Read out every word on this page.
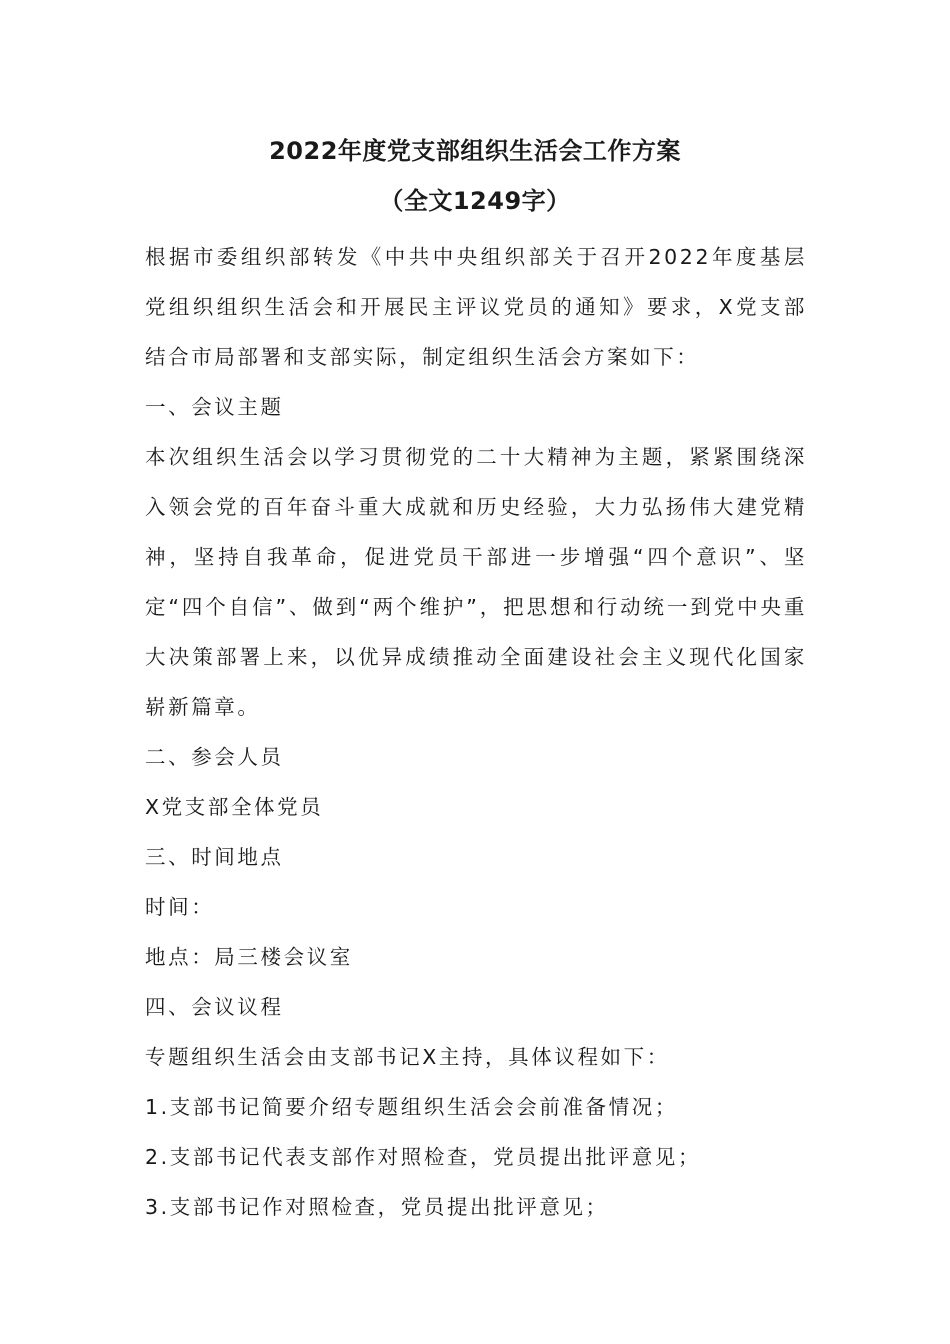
2022年度党支部组织生活会工作方案
（全文1249字）

根据市委组织部转发《中共中央组织部关于召开2022年度基层党组织组织生活会和开展民主评议党员的通知》要求，X党支部结合市局部署和支部实际，制定组织生活会方案如下：

一、会议主题

本次组织生活会以学习贯彻党的二十大精神为主题，紧紧围绕深入领会党的百年奋斗重大成就和历史经验，大力弘扬伟大建党精神，坚持自我革命，促进党员干部进一步增强“四个意识”、坚定“四个自信”、做到“两个维护”，把思想和行动统一到党中央重大决策部署上来，以优异成绩推动全面建设社会主义现代化国家崭新篇章。

二、参会人员

X党支部全体党员

三、时间地点

时间：

地点：局三楼会议室

四、会议议程

专题组织生活会由支部书记X主持，具体议程如下：

1.支部书记简要介绍专题组织生活会会前准备情况；

2.支部书记代表支部作对照检查，党员提出批评意见；

3.支部书记作对照检查，党员提出批评意见；
